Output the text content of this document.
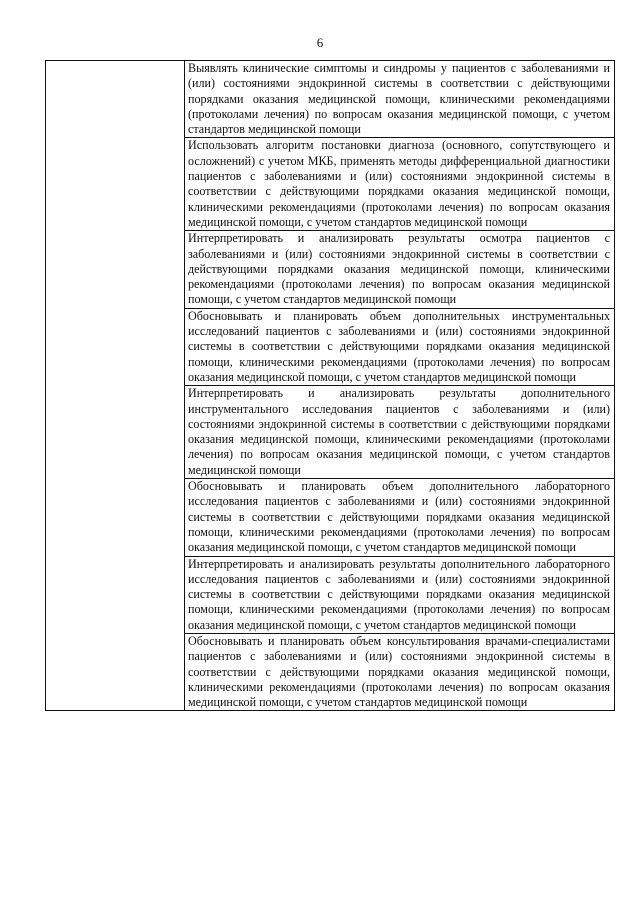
6

Выявлять клинические симптомы и синдромы у пациентов с заболеваниями и (или) состояниями эндокринной системы в соответствии с действующими порядками оказания медицинской помощи, клиническими рекомендациями (протоколами лечения) по вопросам оказания медицинской помощи, с учетом стандартов медицинской помощи

Использовать алгоритм постановки диагноза (основного, сопутствующего и осложнений) с учетом МКБ, применять методы дифференциальной диагностики пациентов с заболеваниями и (или) состояниями эндокринной системы в соответствии с действующими порядками оказания медицинской помощи, клиническими рекомендациями (протоколами лечения) по вопросам оказания медицинской помощи, с учетом стандартов медицинской помощи

Интерпретировать и анализировать результаты осмотра пациентов с заболеваниями и (или) состояниями эндокринной системы в соответствии с действующими порядками оказания медицинской помощи, клиническими рекомендациями (протоколами лечения) по вопросам оказания медицинской помощи, с учетом стандартов медицинской помощи

Обосновывать и планировать объем дополнительных инструментальных исследований пациентов с заболеваниями и (или) состояниями эндокринной системы в соответствии с действующими порядками оказания медицинской помощи, клиническими рекомендациями (протоколами лечения) по вопросам оказания медицинской помощи, с учетом стандартов медицинской помощи

Интерпретировать и анализировать результаты дополнительного инструментального исследования пациентов с заболеваниями и (или) состояниями эндокринной системы в соответствии с действующими порядками оказания медицинской помощи, клиническими рекомендациями (протоколами лечения) по вопросам оказания медицинской помощи, с учетом стандартов медицинской помощи

Обосновывать и планировать объем дополнительного лабораторного исследования пациентов с заболеваниями и (или) состояниями эндокринной системы в соответствии с действующими порядками оказания медицинской помощи, клиническими рекомендациями (протоколами лечения) по вопросам оказания медицинской помощи, с учетом стандартов медицинской помощи

Интерпретировать и анализировать результаты дополнительного лабораторного исследования пациентов с заболеваниями и (или) состояниями эндокринной системы в соответствии с действующими порядками оказания медицинской помощи, клиническими рекомендациями (протоколами лечения) по вопросам оказания медицинской помощи, с учетом стандартов медицинской помощи

Обосновывать и планировать объем консультирования врачами-специалистами пациентов с заболеваниями и (или) состояниями эндокринной системы в соответствии с действующими порядками оказания медицинской помощи, клиническими рекомендациями (протоколами лечения) по вопросам оказания медицинской помощи, с учетом стандартов медицинской помощи
